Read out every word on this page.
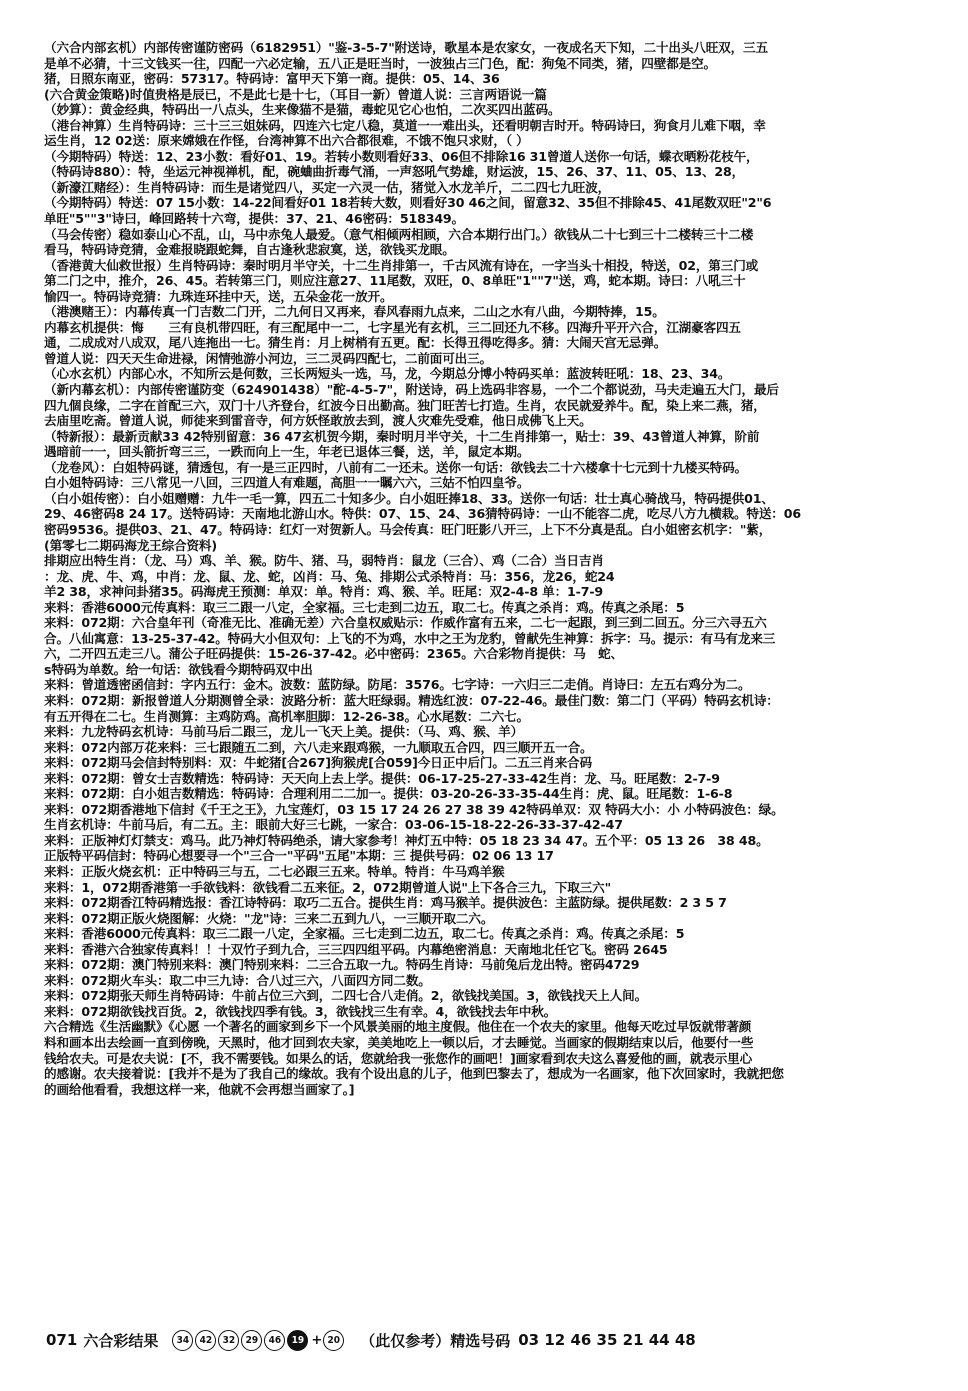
（六合内部玄机）内部传密谨防密码（6182951）"鉴-3-5-7"附送诗，歌星本是农家女，一夜成名天下知，二十出头八旺双，三五
是单不必猜，十三文钱买一往，四配一六必定输，五八正是旺当时，一波独占三门色，配：狗兔不同类，猪，四壁都是空。
猪，日照东南亚，密码：57317。特码诗：富甲天下第一商。提供：05、14、36
(六合黄金策略)时值贵格是辰已，不是此七是十七，（耳目一新）曾道人说：三言两语说一篇
（妙算）：黄金经典，特码出一八点头，生来像猫不是猫，毒蛇见它心也怕，二次买四出蓝码。
（港台神算）生肖特码诗：三十三三姐妹码，四连六七定八稳，莫道一一难出头，还看明朝吉时开。特码诗曰，狗食月儿难下咽，幸
运生肖，12 02送：原来嫦娥在作怪，台湾神算不出六合都很难，不饿不饱只求财，（ ）
（今期特码）特送：12、23小数：看好01、19。若转小数则看好33、06但不排除16 31曾道人送你一句话，蝶衣晒粉花枝午，
（特码诗880）：特，坐运元神视禅机，配，碗蛐曲折毒气涌，一声怒吼气势雄，财运波，15、26、37、11、05、13、28，
（新濠江赌经）：生肖特码诗：而生是诸觉四八，买定一六灵一估，猪觉入水龙羊斤，二二四七九旺波，
（今期特码）特送：07 15小数：14-22间看好01 18若转大数，则看好30 46之间，留意32、35但不排除45、41尾数双旺"2"6
单旺"5""3"诗曰，峰回路转十六弯，提供：37、21、46密码：518349。
（马会传密）稳如泰山心不乱，山，马中赤兔人最爱。（意气相倾两相顾，六合本期行出门。）欲钱从二十七到三十二楼转三十二楼
看马，特码诗竞猜，金难报晓跟蛇舞，自古逢秋悲寂寞，送，欲钱买龙眼。
（香港黄大仙救世报）生肖特码诗：秦时明月半守关，十二生肖排第一，千古风流有诗在，一字当头十相投，特送，02，第三门或
第二门之中，推介，26、45。若转第三门，则应注意27、11尾数，双旺，0、8单旺"1""7"送，鸡，蛇本期。诗曰：八吼三十
愉四一。特码诗竞猜：九珠连环挂中天，送，五朵金花一放开。
（港澳赌王）：内幕传真一门吉数二门开，二九何日又再来，春风春雨九点来，二山之水有八曲，今期特捧，15。
内幕玄机提供：悔　　三有良机带四旺，有三配尾中一二，七字星光有玄机，三二回还九不移。四海升平开六合，江湖豪客四五
通，二成成对八成双，尾八连拖出一七。猜生肖：月上树梢有五更。配：长得丑得吃得多。猜：大闹天宫无忌弹。
曾道人说：四天天生命进禄，闲情弛游小河边，三二灵码四配七，二前面可出三。
（心水玄机）内部心水，不知所云是何数，三长两短头一选，马，龙，今期总分博小特码买单：蓝波转旺吼：18、23、34。
（新内幕玄机）：内部传密谨防变（624901438）"酡-4-5-7"，附送诗，码上选码非容易，一个二个都说劲，马夫走遍五大门，最后
四九個良缘，二字在首配三六，双门十八齐登台，红波今日出勤高。独门旺苦七打造。生肖，农民就爱养牛。配，染上来二燕，猪，
去庙里吃斋。曾道人说，师徒来到雷音寺，何方妖怪敢放去到，渡人灾难先受难，他日成佛飞上天。
（特新报）：最新贡献33 42特别留意：36 47玄机贺今期，秦时明月半守关，十二生肖排第一，贴士：39、43曾道人神算，阶前
遇暗前一一，回头箭折弯三三，一跌而向上一生，年老已退体三餐，送，羊，鼠定本期。
（龙卷风）：白姐特码谜，猜透包，有一是三正四时，八前有二一还未。送你一句话：欲钱去二十六楼拿十七元到十九楼买特码。
白小姐特码诗：三八常见一八回，三四道人有难题，高胆一一瞩六六，三姑不怕四皇爷。
（白小姐传密）：白小姐赠赠：九牛一毛一算，四五二十知多少。白小姐旺捧18、33。送你一句话：壮士真心骑战马，特码提供01、
29、46密码8 24 17。送特码诗：天南地北游山水。特供：07、15、24、36猜特码诗：一山不能容二虎，吃尽八方九横栽。特送：06
密码9536。提供03、21、47。特码诗：红灯一对贺新人。马会传真：旺门旺影八开三，上下不分真是乱。白小姐密玄机字："紫，
(第零七二期码海龙王综合资料)
排期应出特生肖：（龙、马）鸡、羊、猴。防牛、猪、马，弱特肖：鼠龙（三合）、鸡（二合）当日吉肖
：龙、虎、牛、鸡，中肖：龙、鼠、龙、蛇，凶肖：马、兔、排期公式杀特肖：马：356，龙26，蛇24
羊2 38，求神问卦猪35。码海虎王预测：单双：单。特肖：鸡、猴、羊。旺尾：双2-4-8 单：1-7-9
来料：香港6000元传真料：取三二跟一八定，全家福。三七走到二边五，取二七。传真之杀肖：鸡。传真之杀尾：5
来料：072期：六合皇年刊（奇准无比、准确无差）六合皇权威贴示：作威作富有五来，二七一起跟，到三到二回五。分三六寻五六
合。八仙寓意：13-25-37-42。特码大小但双句：上飞的不为鸡，水中之王为龙豹，曾献先生神算：拆字：马。提示：有马有龙来三
六，二开四五走三八。蒲公子旺码提供：15-26-37-42。必中密码：2365。六合彩物肖提供：马　蛇、
s特码为单数。给一句话：欲钱看今期特码双中出
来料：曾道透密函信封：字内五行：金木。波数：蓝防绿。防尾：3576。七字诗：一六归三二走俏。肖诗曰：左五右鸡分为二。
来料：072期：新报曾道人分期测曾全录：波路分析：蓝大旺绿弱。精选红波：07-22-46。最佳门数：第二门（平码）特码玄机诗：
有五开得在二七。生肖测算：主鸡防鸡。高机率胆脚：12-26-38。心水尾数：二六七。
来料：九龙特码玄机诗：马前马后二跟三，龙儿一飞天上美。提供：（马、鸡、猴、羊）
来料：072内部万花来料：三七跟随五二到，六八走来跟鸡猴，一九顺取五合四，四三顺开五一合。
来料：072期马会信封特别料：双：牛蛇猪[合267]狗猴虎[合059]今日正中后门。二五三肖来合码
来料：072期：曾女士吉数精选：特码诗：天天向上去上学。提供：06-17-25-27-33-42生肖：龙、马。旺尾数：2-7-9
来料：072期：白小姐吉数精选：特码诗：合理利用二二加一。提供：03-20-26-33-35-44生肖：虎、鼠。旺尾数：1-6-8
来料：072期香港地下信封《千王之王》，九宝莲灯，03 15 17 24 26 27 38 39 42特码单双：双 特码大小：小 小特码波色：绿。
生肖玄机诗：牛前马后，有二五。主：眼前大好三七跳，一家合：03-06-15-18-22-26-33-37-42-47
来料：正版神灯灯禁支：鸡马。此乃神灯特码绝杀，请大家参考！神灯五中特：05 18 23 34 47。五个平：05 13 26　38 48。
正版特平码信封：特码心想要寻一个"三合一"平码"五尾"本期：三 提供号码：02 06 13 17
来料：正版火烧玄机：正中特码三与五，二七必跟三五来。特单。特肖：牛马鸡羊猴
来料：1，072期香港第一手欲钱料：欲钱看二五来征。2，072期曾道人说"上下各合三九，下取三六"
来料：072期香江特码精选报：香江诗特码：取巧二五合。提供生肖：鸡马猴羊。提供波色：主蓝防绿。提供尾数：2 3 5 7
来料：072期正版火烧图解：火烧："龙"诗：三来二五到九八，一三顺开取二六。
来料：香港6000元传真料：取三二跟一八定，全家福。三七走到二边五，取二七。传真之杀肖：鸡。传真之杀尾：5
来料：香港六合独家传真料！！十双竹子到九合，三三四四组平码。内幕绝密消息：天南地北任它飞。密码 2645
来料：072期：澳门特别来料：澳门特别来料：二三合五取一九。特码生肖诗：马前兔后龙出特。密码4729
来料：072期火车头：取二中三九诗：合八过三六，八面四方同二数。
来料：072期张天师生肖特码诗：牛前占位三六到，二四七合八走俏。2，欲钱找美国。3，欲钱找天上人间。
来料：072期欲钱找百货。2，欲钱找四季有钱。3，欲钱找三生有幸。4，欲钱找去年中秋。
六合精选《生活幽默》《心愿 一个著名的画家到乡下一个风景美丽的地主度假。他住在一个农夫的家里。他每天吃过早饭就带著颜
料和画本出去绘画一直到傍晚，天黑时，他才回到农夫家，美美地吃上一顿以后，才去睡觉。当画家的假期结束以后，他要付一些
钱给农夫。可是农夫说：[不，我不需要钱。如果么的话，您就给我一张您作的画吧！]画家看到农夫这么喜爱他的画，就表示里心
的感谢。农夫接着说：[我并不是为了我自己的缘故。我有个设出息的儿子，他到巴黎去了，想成为一名画家，他下次回家时，我就把您
的画给他看看，我想这样一来，他就不会再想当画家了。]
071 六合彩结果	34	42	32	29	46	19 + 20 （此仅参考）精选号码 03 12 46 35 21 44 48
